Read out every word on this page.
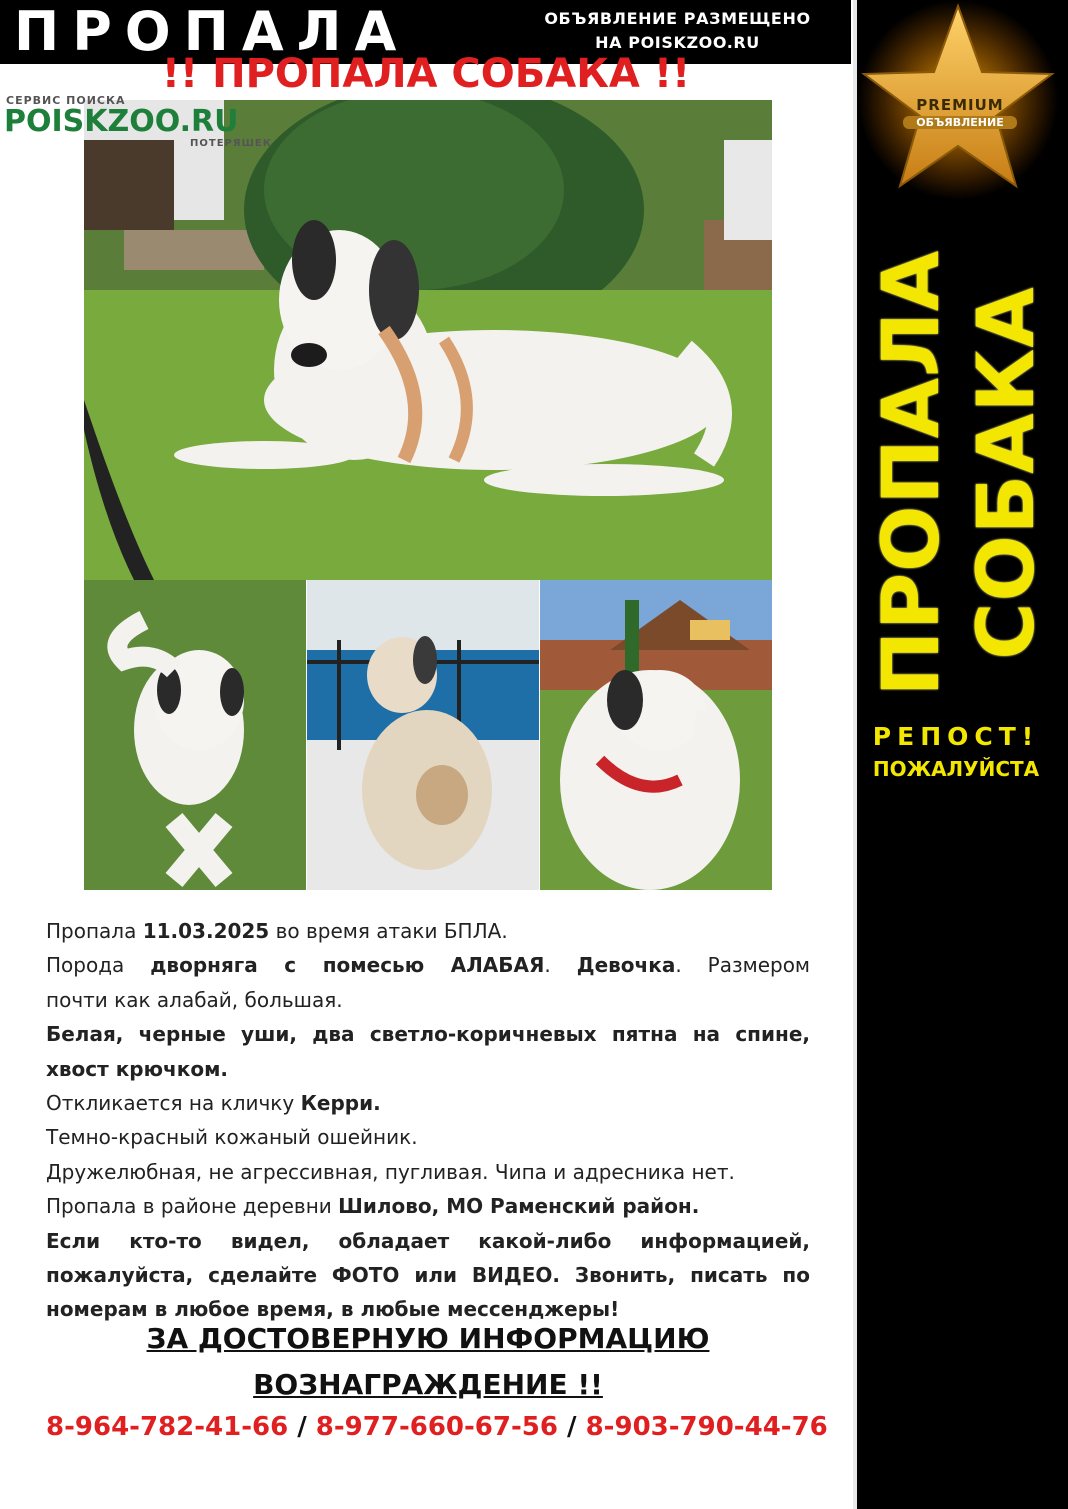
ПРОПАЛА	ОБЪЯВЛЕНИЕ РАЗМЕЩЕНО
НА POISKZOO.RU
!! ПРОПАЛА СОБАКА !!
СЕРВИС ПОИСКА
POISKZOO.RU
ПОТЕРЯШЕК
Пропала 11.03.2025 во время атаки БПЛА.
Порода дворняга с помесью АЛАБАЯ. Девочка. Размером
почти как алабай, большая.
Белая, черные уши, два светло-коричневых пятна на спине,
хвост крючком.
Откликается на кличку Керри.
Темно-красный кожаный ошейник.
Дружелюбная, не агрессивная, пугливая. Чипа и адресника нет.
Пропала в районе деревни Шилово, МО Раменский район.
Если кто-то видел, обладает какой-либо информацией,
пожалуйста, сделайте ФОТО или ВИДЕО. Звонить, писать по
номерам в любое время, в любые мессенджеры!
ЗА ДОСТОВЕРНУЮ ИНФОРМАЦИЮ
ВОЗНАГРАЖДЕНИЕ !!
8-964-782-41-66 / 8-977-660-67-56 / 8-903-790-44-76
PREMIUM
ОБЪЯВЛЕНИЕ
ПРОПАЛА СОБАКА
РЕПОСТ!
ПОЖАЛУЙСТА
